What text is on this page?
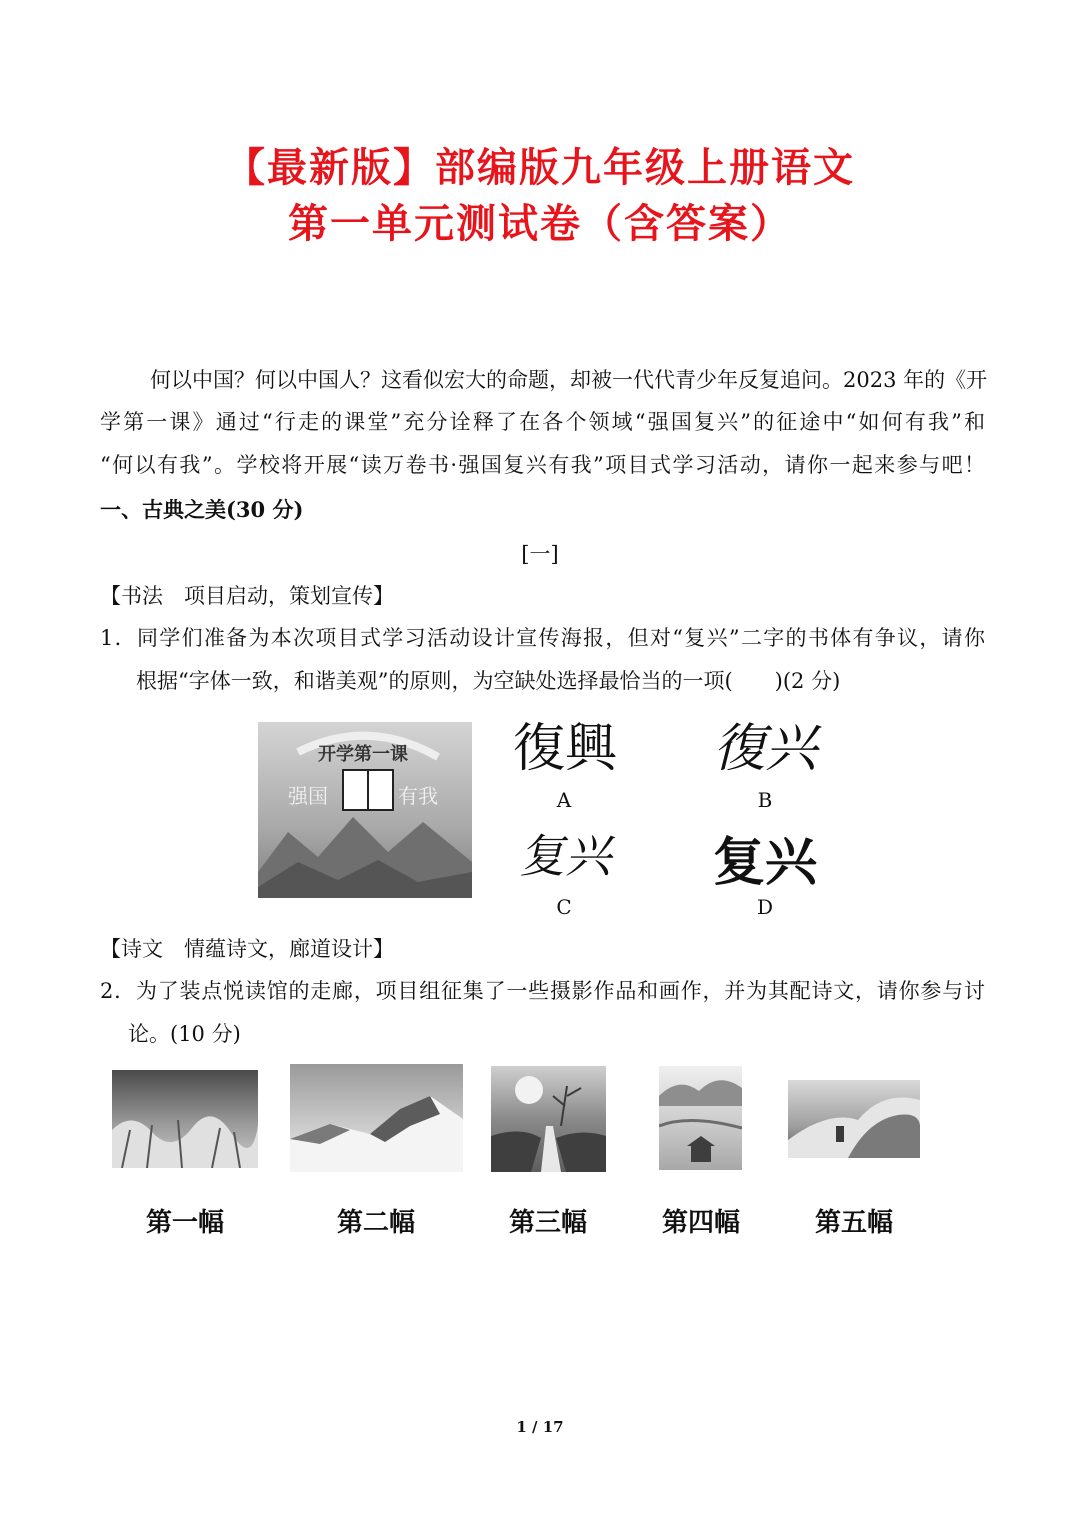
【最新版】部编版九年级上册语文
第一单元测试卷（含答案）
何以中国？何以中国人？这看似宏大的命题，却被一代代青少年反复追问。2023 年的《开
学第一课》通过“行走的课堂”充分诠释了在各个领域“强国复兴”的征途中“如何有我”和
“何以有我”。学校将开展“读万卷书·强国复兴有我”项目式学习活动，请你一起来参与吧！
一、古典之美(30 分)
[一]
【书法　项目启动，策划宣传】
1．同学们准备为本次项目式学习活动设计宣传海报，但对“复兴”二字的书体有争议，请你
根据“字体一致，和谐美观”的原则，为空缺处选择最恰当的一项(　　)(2 分)
开学第一课
强国	有我
復興
A
復兴
B
复兴
C
复兴
D
【诗文　情蕴诗文，廊道设计】
2．为了装点悦读馆的走廊，项目组征集了一些摄影作品和画作，并为其配诗文，请你参与讨
论。(10 分)
第一幅	第二幅	第三幅	第四幅	第五幅
1 / 17
